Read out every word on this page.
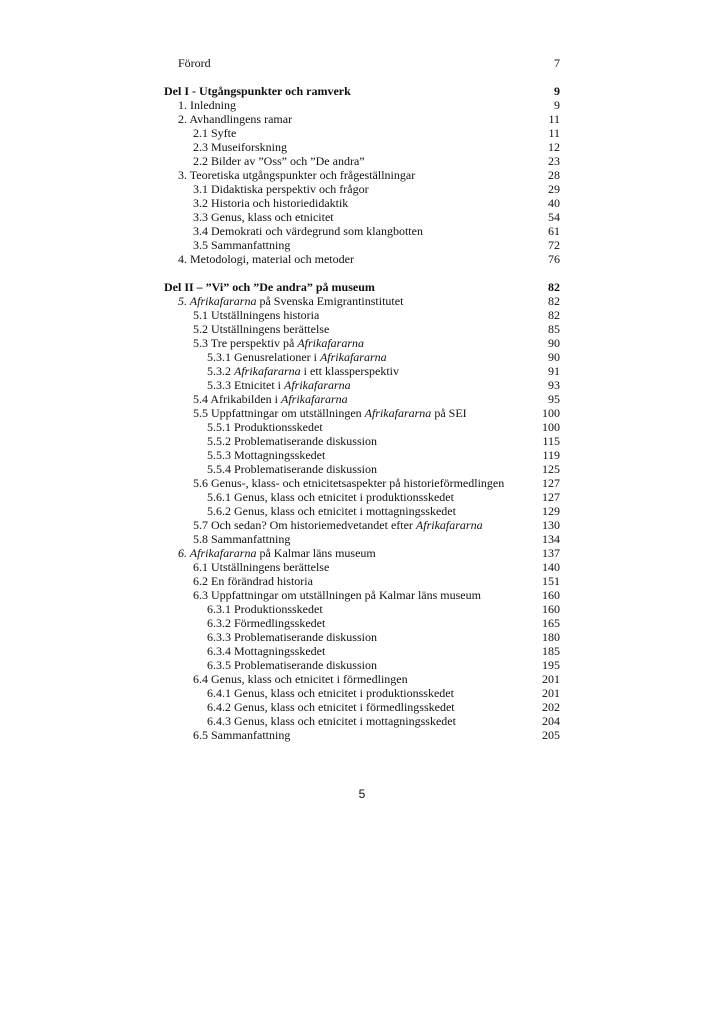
Förord	7
Del I - Utgångspunkter och ramverk	9
1. Inledning	9
2. Avhandlingens ramar	11
2.1 Syfte	11
2.3 Museiforskning	12
2.2 Bilder av ”Oss” och ”De andra”	23
3. Teoretiska utgångspunkter och frågeställningar	28
3.1 Didaktiska perspektiv och frågor	29
3.2 Historia och historiedidaktik	40
3.3 Genus, klass och etnicitet	54
3.4 Demokrati och värdegrund som klangbotten	61
3.5 Sammanfattning	72
4. Metodologi, material och metoder	76
Del II – ”Vi” och ”De andra” på museum	82
5. Afrikafararna på Svenska Emigrantinstitutet	82
5.1 Utställningens historia	82
5.2 Utställningens berättelse	85
5.3 Tre perspektiv på Afrikafararna	90
5.3.1 Genusrelationer i Afrikafararna	90
5.3.2 Afrikafararna i ett klassperspektiv	91
5.3.3 Etnicitet i Afrikafararna	93
5.4 Afrikabilden i Afrikafararna	95
5.5 Uppfattningar om utställningen Afrikafararna på SEI	100
5.5.1 Produktionsskedet	100
5.5.2 Problematiserande diskussion	115
5.5.3 Mottagningsskedet	119
5.5.4 Problematiserande diskussion	125
5.6 Genus-, klass- och etnicitetsaspekter på historieförmedlingen	127
5.6.1 Genus, klass och etnicitet i produktionsskedet	127
5.6.2 Genus, klass och etnicitet i mottagningsskedet	129
5.7 Och sedan? Om historiemedvetandet efter Afrikafararna	130
5.8 Sammanfattning	134
6. Afrikafararna på Kalmar läns museum	137
6.1 Utställningens berättelse	140
6.2 En förändrad historia	151
6.3 Uppfattningar om utställningen på Kalmar läns museum	160
6.3.1 Produktionsskedet	160
6.3.2 Förmedlingsskedet	165
6.3.3 Problematiserande diskussion	180
6.3.4 Mottagningsskedet	185
6.3.5 Problematiserande diskussion	195
6.4 Genus, klass och etnicitet i förmedlingen	201
6.4.1 Genus, klass och etnicitet i produktionsskedet	201
6.4.2 Genus, klass och etnicitet i förmedlingsskedet	202
6.4.3 Genus, klass och etnicitet i mottagningsskedet	204
6.5 Sammanfattning	205
5
